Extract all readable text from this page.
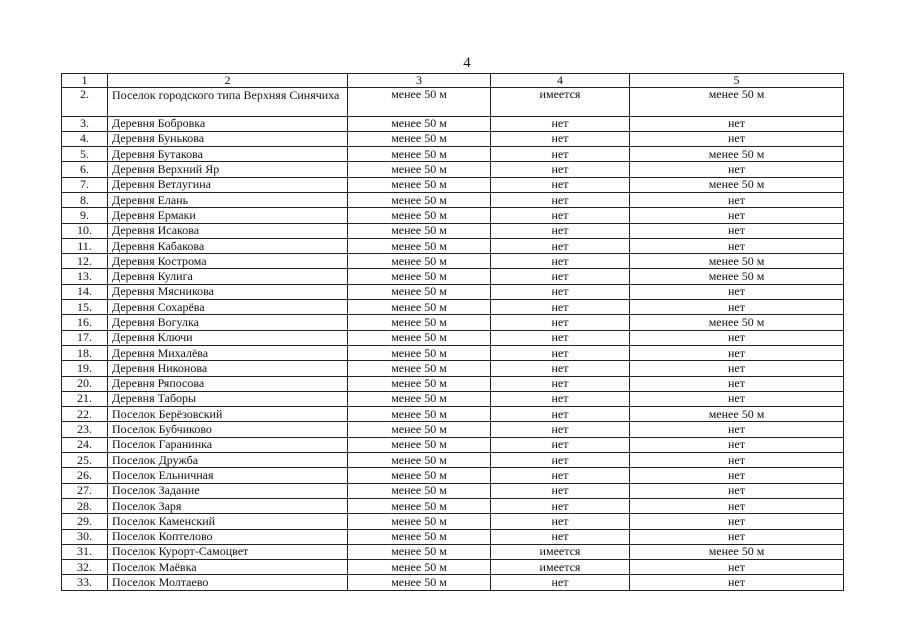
4
1	2	3	4	5
2.	Поселок городского типа Верхняя Синячиха	менее 50 м	имеется	менее 50 м
3.	Деревня Бобровка	менее 50 м	нет	нет
4.	Деревня Бунькова	менее 50 м	нет	нет
5.	Деревня Бутакова	менее 50 м	нет	менее 50 м
6.	Деревня Верхний Яр	менее 50 м	нет	нет
7.	Деревня Ветлугина	менее 50 м	нет	менее 50 м
8.	Деревня Елань	менее 50 м	нет	нет
9.	Деревня Ермаки	менее 50 м	нет	нет
10.	Деревня Исакова	менее 50 м	нет	нет
11.	Деревня Кабакова	менее 50 м	нет	нет
12.	Деревня Кострома	менее 50 м	нет	менее 50 м
13.	Деревня Кулига	менее 50 м	нет	менее 50 м
14.	Деревня Мясникова	менее 50 м	нет	нет
15.	Деревня Сохарёва	менее 50 м	нет	нет
16.	Деревня Вогулка	менее 50 м	нет	менее 50 м
17.	Деревня Ключи	менее 50 м	нет	нет
18.	Деревня Михалёва	менее 50 м	нет	нет
19.	Деревня Никонова	менее 50 м	нет	нет
20.	Деревня Ряпосова	менее 50 м	нет	нет
21.	Деревня Таборы	менее 50 м	нет	нет
22.	Поселок Берёзовский	менее 50 м	нет	менее 50 м
23.	Поселок Бубчиково	менее 50 м	нет	нет
24.	Поселок Гаранинка	менее 50 м	нет	нет
25.	Поселок Дружба	менее 50 м	нет	нет
26.	Поселок Ельничная	менее 50 м	нет	нет
27.	Поселок Задание	менее 50 м	нет	нет
28.	Поселок Заря	менее 50 м	нет	нет
29.	Поселок Каменский	менее 50 м	нет	нет
30.	Поселок Коптелово	менее 50 м	нет	нет
31.	Поселок Курорт-Самоцвет	менее 50 м	имеется	менее 50 м
32.	Поселок Маёвка	менее 50 м	имеется	нет
33.	Поселок Молтаево	менее 50 м	нет	нет
